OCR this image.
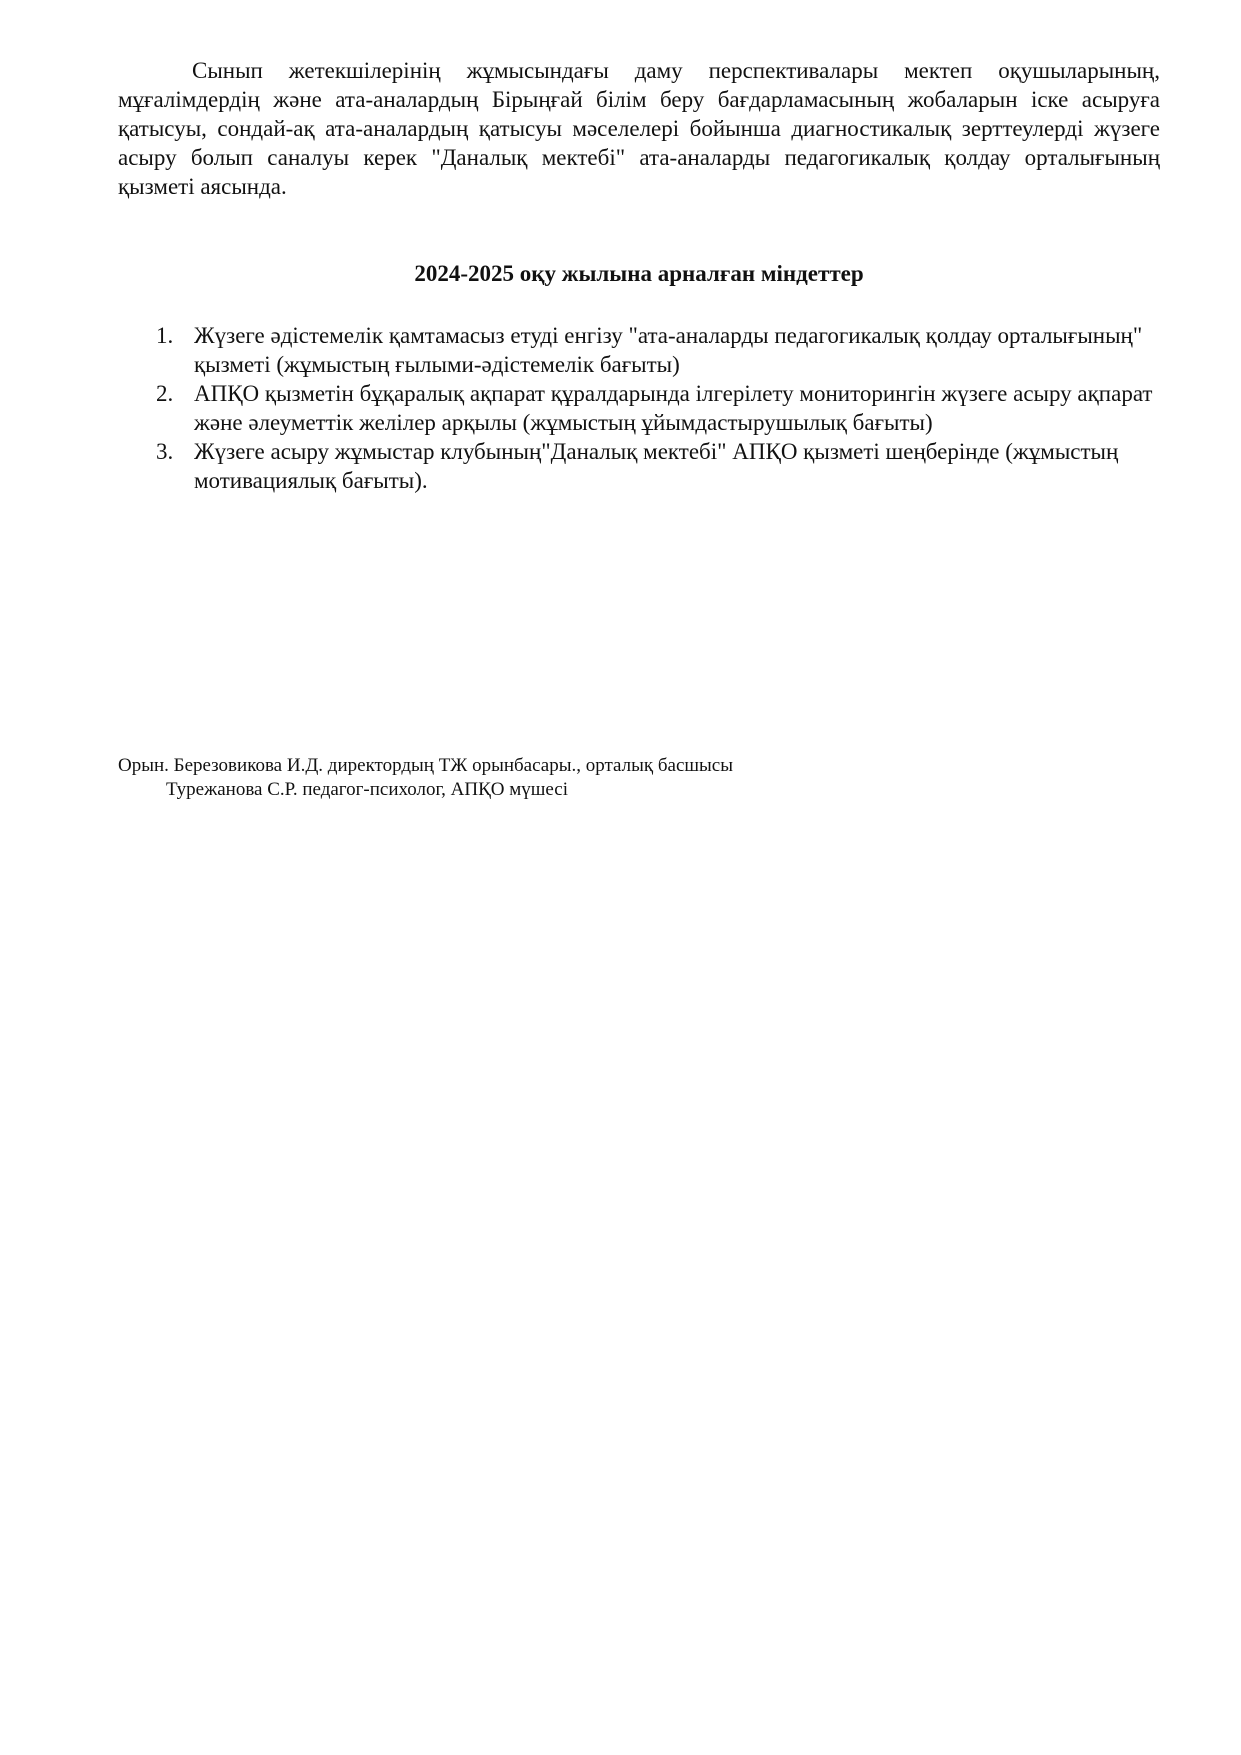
Сынып жетекшілерінің жұмысындағы даму перспективалары мектеп оқушыларының, мұғалімдердің және ата-аналардың Бірыңғай білім беру бағдарламасының жобаларын іске асыруға қатысуы, сондай-ақ ата-аналардың қатысуы мәселелері бойынша диагностикалық зерттеулерді жүзеге асыру болып саналуы керек "Даналық мектебі" ата-аналарды педагогикалық қолдау орталығының қызметі аясында.

2024-2025 оқу жылына арналған міндеттер
1. Жүзеге әдістемелік қамтамасыз етуді енгізу "ата-аналарды педагогикалық қолдау орталығының" қызметі (жұмыстың ғылыми-әдістемелік бағыты)
2. АПҚО қызметін бұқаралық ақпарат құралдарында ілгерілету мониторингін жүзеге асыру ақпарат және әлеуметтік желілер арқылы (жұмыстың ұйымдастырушылық бағыты)
3. Жүзеге асыру жұмыстар клубының"Даналық мектебі" АПҚО қызметі шеңберінде (жұмыстың мотивациялық бағыты).
Орын. Березовикова И.Д. директордың ТЖ орынбасары., орталық басшысы
Турежанова С.Р. педагог-психолог, АПҚО мүшесі
